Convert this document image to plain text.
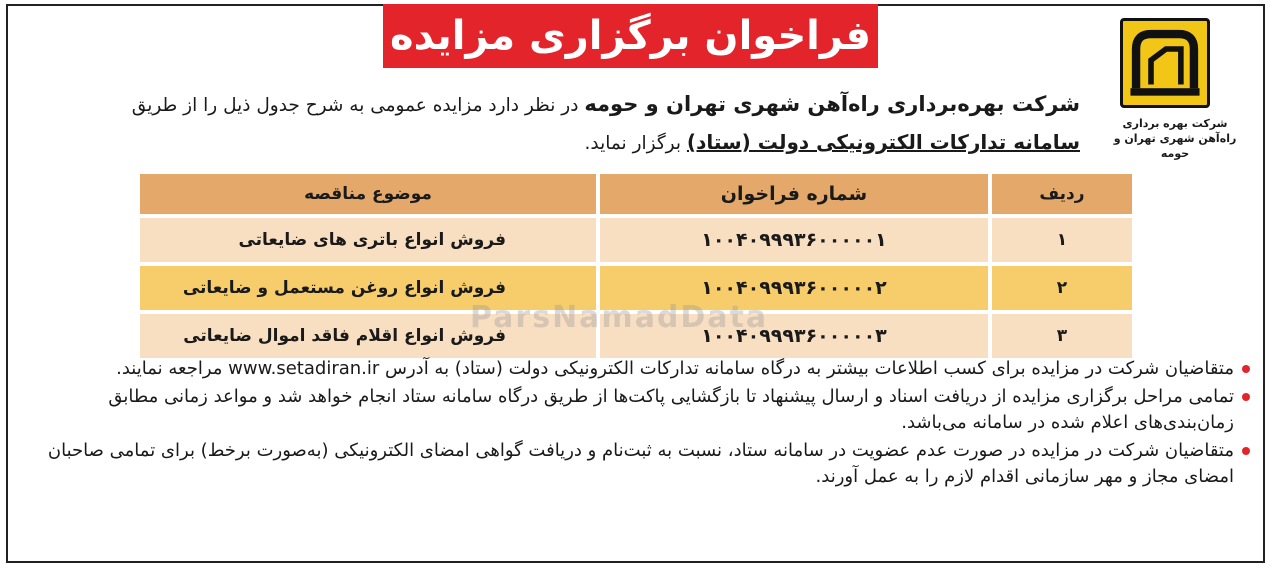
فراخوان برگزاری مزایده
شرکت بهره برداری
راه‌آهن شهری تهران و حومه
شرکت بهره‌برداری راه‌آهن شهری تهران و حومه در نظر دارد مزایده عمومی به شرح جدول ذیل را از طریق
سامانه تدارکات الکترونیکی دولت (ستاد) برگزار نماید.
ردیف	شماره فراخوان	موضوع مناقصه
۱	۱۰۰۴۰۹۹۹۳۶۰۰۰۰۰۱	فروش انواع باتری های ضایعاتی
۲	۱۰۰۴۰۹۹۹۳۶۰۰۰۰۰۲	فروش انواع روغن مستعمل و ضایعاتی
۳	۱۰۰۴۰۹۹۹۳۶۰۰۰۰۰۳	فروش انواع اقلام فاقد اموال ضایعاتی
ParsNamadData
متقاضیان شرکت در مزایده برای کسب اطلاعات بیشتر به درگاه سامانه تدارکات الکترونیکی دولت (ستاد) به آدرس www.setadiran.ir مراجعه نمایند.
تمامی مراحل برگزاری مزایده از دریافت اسناد و ارسال پیشنهاد تا بازگشایی پاکت‌ها از طریق درگاه سامانه ستاد انجام خواهد شد و مواعد زمانی مطابق زمان‌بندی‌های اعلام شده در سامانه می‌باشد.
متقاضیان شرکت در مزایده در صورت عدم عضویت در سامانه ستاد، نسبت به ثبت‌نام و دریافت گواهی امضای الکترونیکی (به‌صورت برخط) برای تمامی صاحبان امضای مجاز و مهر سازمانی اقدام لازم را به عمل آورند.
